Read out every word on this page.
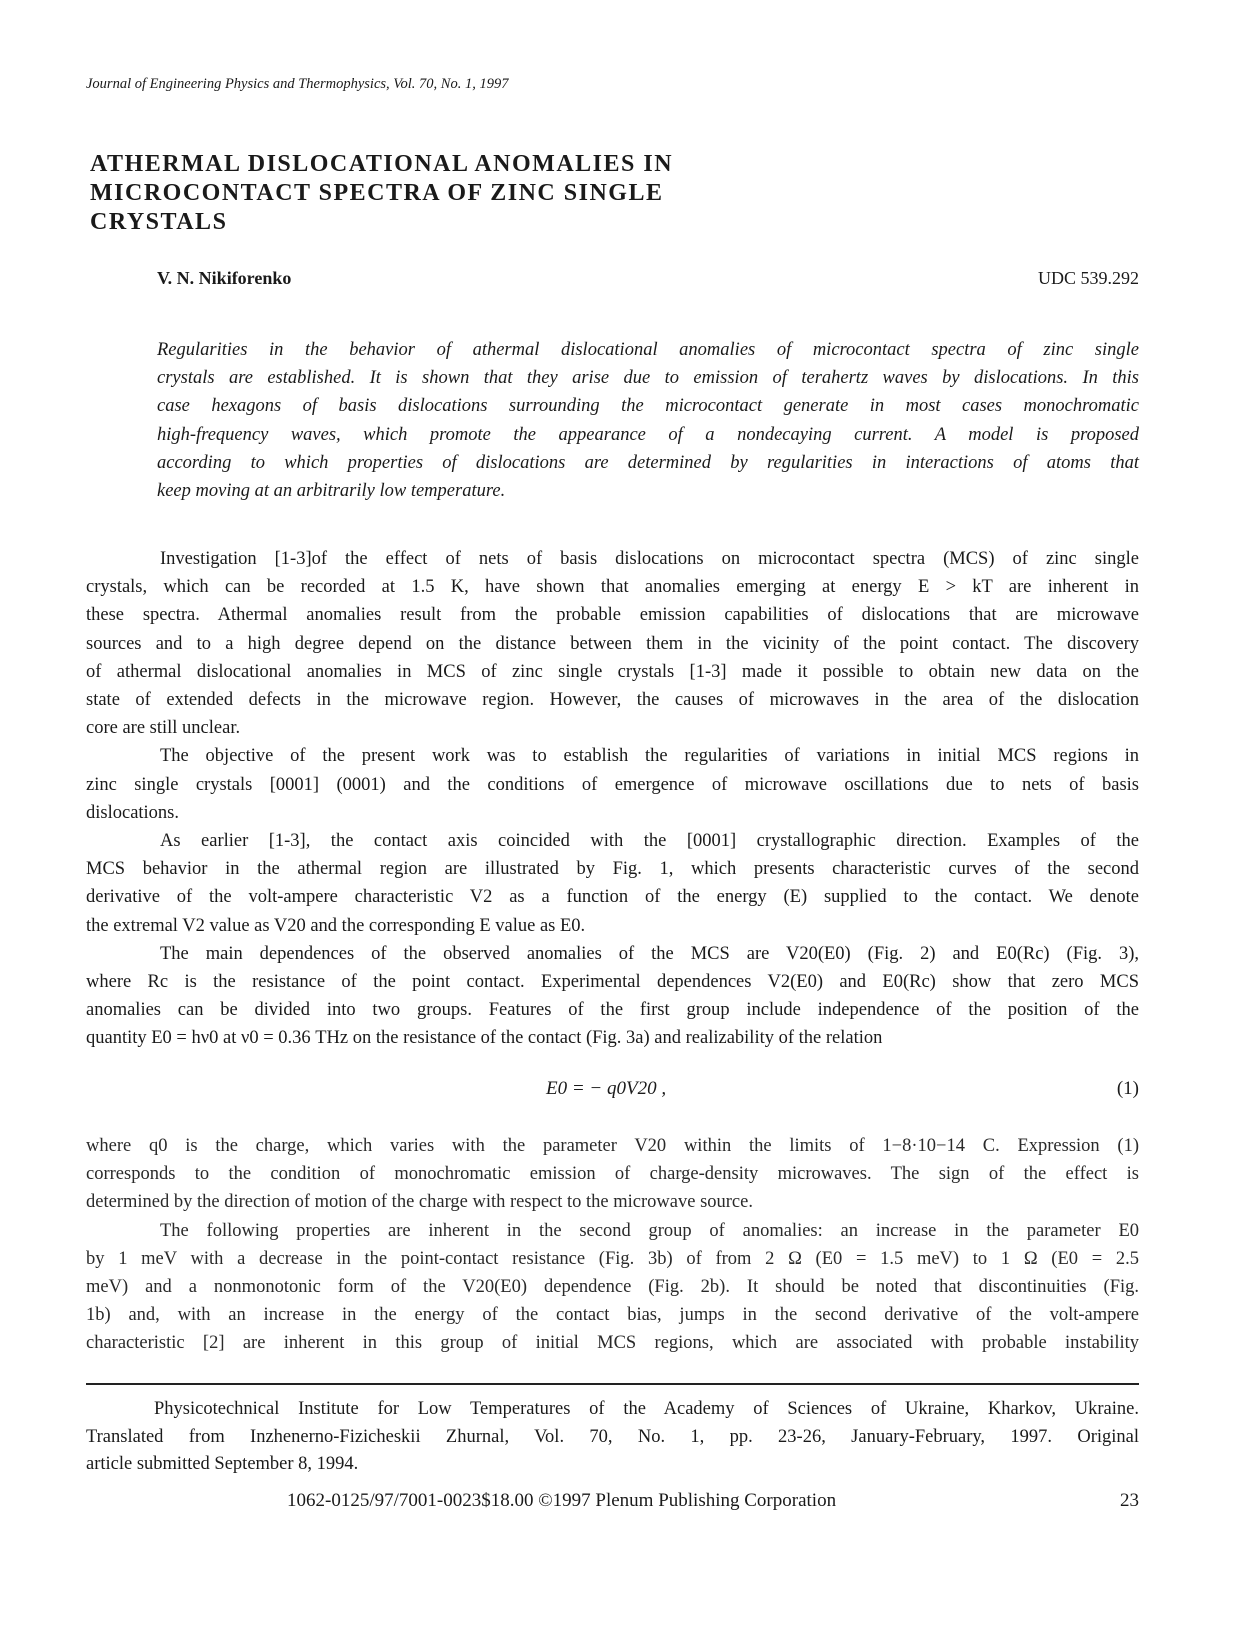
Journal of Engineering Physics and Thermophysics, Vol. 70, No. 1, 1997
ATHERMAL DISLOCATIONAL ANOMALIES IN
MICROCONTACT SPECTRA OF ZINC SINGLE
CRYSTALS
V. N. Nikiforenko	UDC 539.292
Regularities in the behavior of athermal dislocational anomalies of microcontact spectra of zinc single
crystals are established. It is shown that they arise due to emission of terahertz waves by dislocations. In this
case hexagons of basis dislocations surrounding the microcontact generate in most cases monochromatic
high-frequency waves, which promote the appearance of a nondecaying current. A model is proposed
according to which properties of dislocations are determined by regularities in interactions of atoms that
keep moving at an arbitrarily low temperature.
Investigation [1-3]of the effect of nets of basis dislocations on microcontact spectra (MCS) of zinc single
crystals, which can be recorded at 1.5 K, have shown that anomalies emerging at energy E > kT are inherent in
these spectra. Athermal anomalies result from the probable emission capabilities of dislocations that are microwave
sources and to a high degree depend on the distance between them in the vicinity of the point contact. The discovery
of athermal dislocational anomalies in MCS of zinc single crystals [1-3] made it possible to obtain new data on the
state of extended defects in the microwave region. However, the causes of microwaves in the area of the dislocation
core are still unclear.
The objective of the present work was to establish the regularities of variations in initial MCS regions in
zinc single crystals [0001] (0001) and the conditions of emergence of microwave oscillations due to nets of basis
dislocations.
As earlier [1-3], the contact axis coincided with the [0001] crystallographic direction. Examples of the
MCS behavior in the athermal region are illustrated by Fig. 1, which presents characteristic curves of the second
derivative of the volt-ampere characteristic V2 as a function of the energy (E) supplied to the contact. We denote
the extremal V2 value as V20 and the corresponding E value as E0.
The main dependences of the observed anomalies of the MCS are V20(E0) (Fig. 2) and E0(Rc) (Fig. 3),
where Rc is the resistance of the point contact. Experimental dependences V2(E0) and E0(Rc) show that zero MCS
anomalies can be divided into two groups. Features of the first group include independence of the position of the
quantity E0 = hν0 at ν0 = 0.36 THz on the resistance of the contact (Fig. 3a) and realizability of the relation
E0 = − q0V20 ,	(1)
where q0 is the charge, which varies with the parameter V20 within the limits of 1−8·10−14 C. Expression (1)
corresponds to the condition of monochromatic emission of charge-density microwaves. The sign of the effect is
determined by the direction of motion of the charge with respect to the microwave source.
The following properties are inherent in the second group of anomalies: an increase in the parameter E0
by 1 meV with a decrease in the point-contact resistance (Fig. 3b) of from 2 Ω (E0 = 1.5 meV) to 1 Ω (E0 = 2.5
meV) and a nonmonotonic form of the V20(E0) dependence (Fig. 2b). It should be noted that discontinuities (Fig.
1b) and, with an increase in the energy of the contact bias, jumps in the second derivative of the volt-ampere
characteristic [2] are inherent in this group of initial MCS regions, which are associated with probable instability
Physicotechnical Institute for Low Temperatures of the Academy of Sciences of Ukraine, Kharkov, Ukraine.
Translated from Inzhenerno-Fizicheskii Zhurnal, Vol. 70, No. 1, pp. 23-26, January-February, 1997. Original
article submitted September 8, 1994.
1062-0125/97/7001-0023$18.00 ©1997 Plenum Publishing Corporation	23
